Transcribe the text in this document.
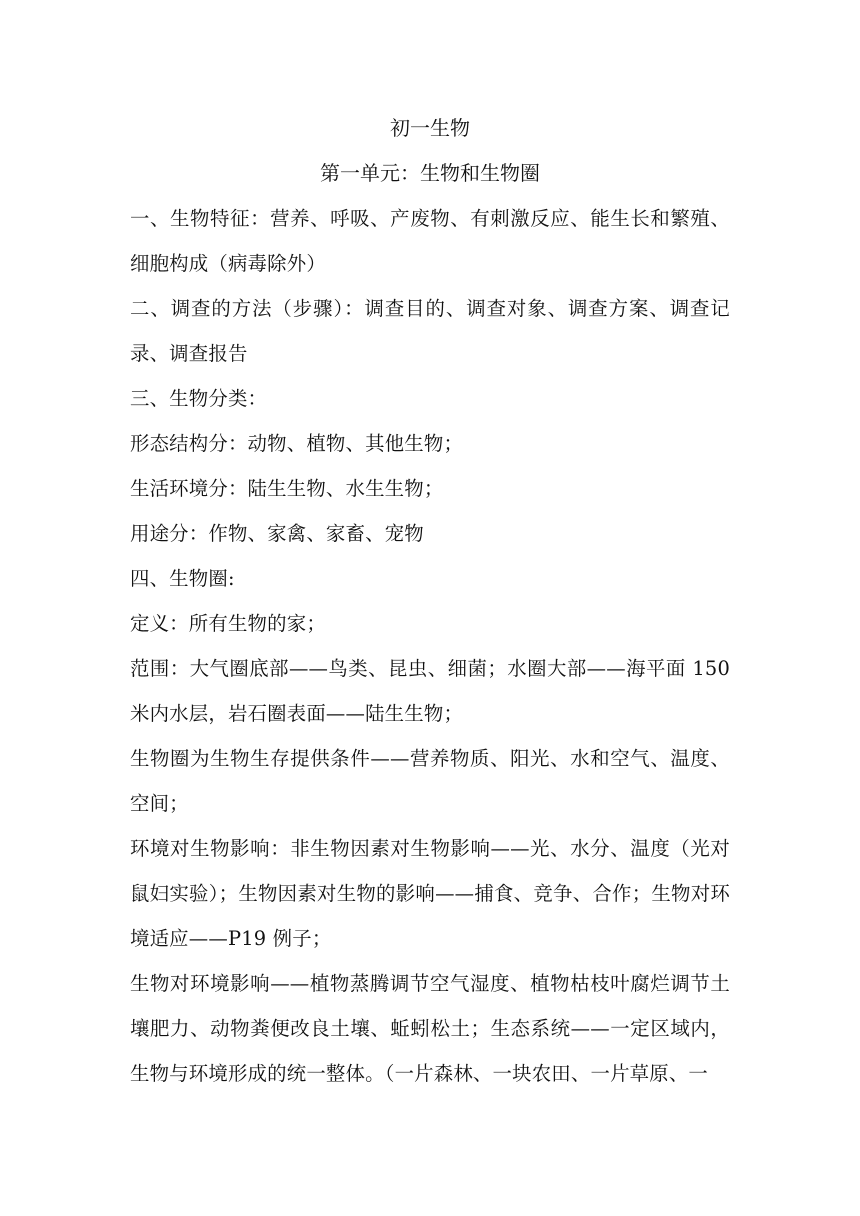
初一生物
第一单元：生物和生物圈

一、生物特征：营养、呼吸、产废物、有刺激反应、能生长和繁殖、细胞构成（病毒除外）

二、调查的方法（步骤）：调查目的、调查对象、调查方案、调查记录、调查报告

三、生物分类：

形态结构分：动物、植物、其他生物；

生活环境分：陆生生物、水生生物；

用途分：作物、家禽、家畜、宠物

四、生物圈:

定义：所有生物的家；

范围：大气圈底部——鸟类、昆虫、细菌；水圈大部——海平面 150 米内水层，岩石圈表面——陆生生物；

生物圈为生物生存提供条件——营养物质、阳光、水和空气、温度、空间；

环境对生物影响：非生物因素对生物影响——光、水分、温度（光对鼠妇实验）；生物因素对生物的影响——捕食、竞争、合作；生物对环境适应——P19 例子；

生物对环境影响——植物蒸腾调节空气湿度、植物枯枝叶腐烂调节土壤肥力、动物粪便改良土壤、蚯蚓松土；生态系统——一定区域内，生物与环境形成的统一整体。（一片森林、一块农田、一片草原、一
